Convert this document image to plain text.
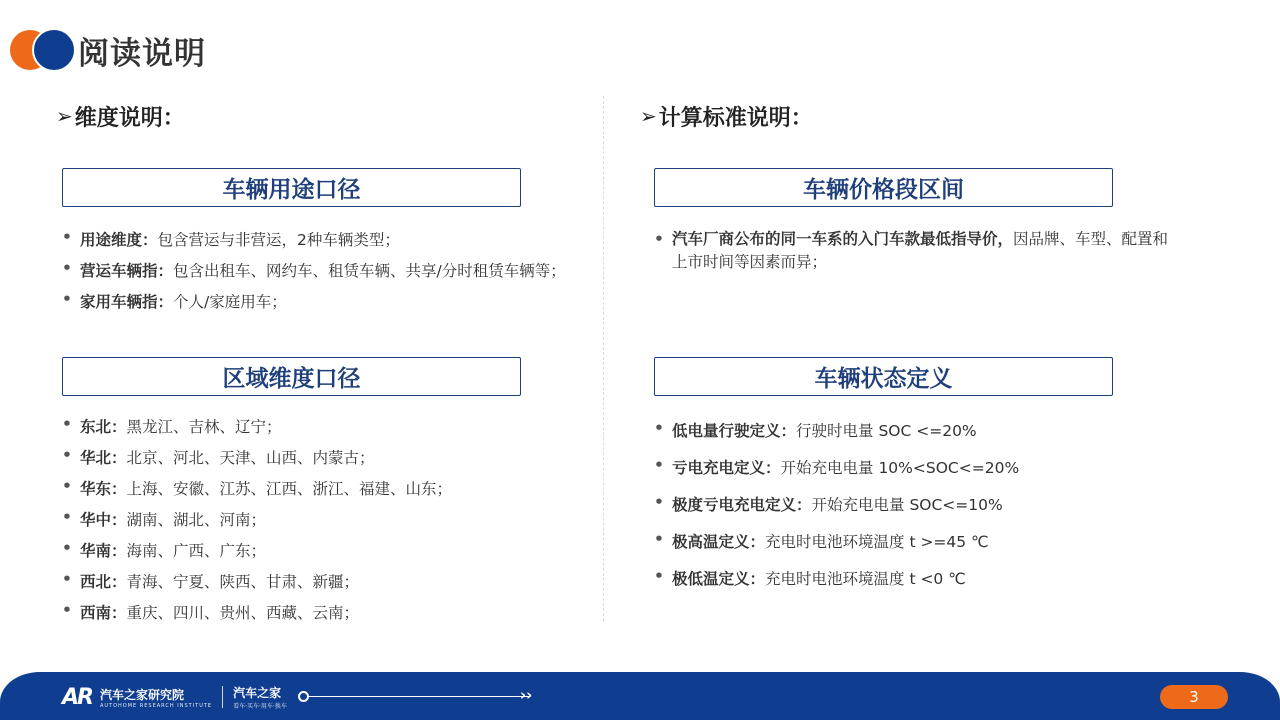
阅读说明
➢ 维度说明：
车辆用途口径
• 用途维度：包含营运与非营运，2种车辆类型；
• 营运车辆指：包含出租车、网约车、租赁车辆、共享/分时租赁车辆等；
• 家用车辆指：个人/家庭用车；
区域维度口径
• 东北：黑龙江、吉林、辽宁；
• 华北：北京、河北、天津、山西、内蒙古；
• 华东：上海、安徽、江苏、江西、浙江、福建、山东；
• 华中：湖南、湖北、河南；
• 华南：海南、广西、广东；
• 西北：青海、宁夏、陕西、甘肃、新疆；
• 西南：重庆、四川、贵州、西藏、云南；
➢ 计算标准说明：
车辆价格段区间
• 汽车厂商公布的同一车系的入门车款最低指导价，因品牌、车型、配置和上市时间等因素而异；
车辆状态定义
• 低电量行驶定义：行驶时电量 SOC <=20%
• 亏电充电定义：开始充电电量 10%<SOC<=20%
• 极度亏电充电定义：开始充电电量 SOC<=10%
• 极高温定义：充电时电池环境温度 t >=45 ℃
• 极低温定义：充电时电池环境温度 t <0 ℃
AR 汽车之家研究院
AUTOHOME RESEARCH INSTITUTE
汽车之家
看车·买车·用车·换车
››	3
